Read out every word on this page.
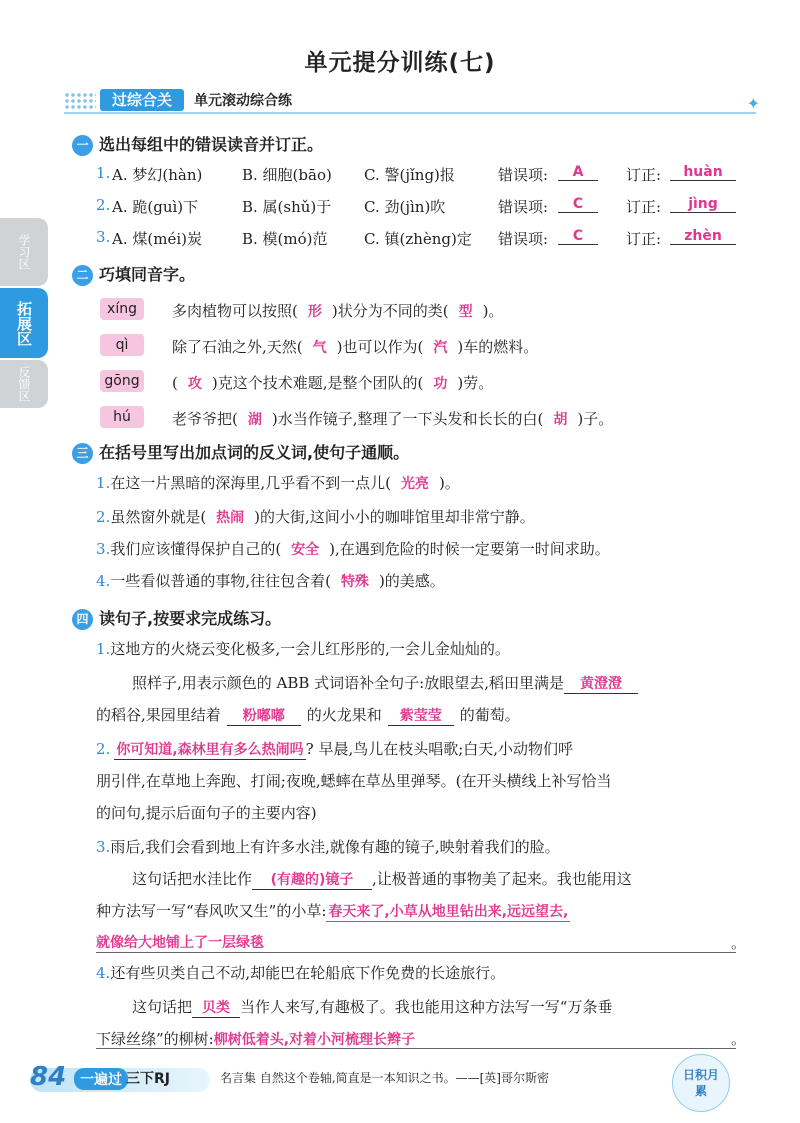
单元提分训练(七)
过综合关	单元滚动综合练	✦
学习区
拓展区
反馈区
一 选出每组中的错误读音并订正。
1. A. 梦幻(hàn)	B. 细胞(bāo) C. 警(jǐng)报	错误项:	A	订正:	huàn
2. A. 跪(guì)下	B. 属(shǔ)于 C. 劲(jìn)吹	错误项:	C	订正:	jìng
3. A. 煤(méi)炭	B. 模(mó)范 C. 镇(zhèng)定 错误项:	C	订正:	zhèn
二 巧填同音字。
xíng	多肉植物可以按照( 形 )状分为不同的类( 型 )。
qì	除了石油之外,天然( 气 )也可以作为( 汽 )车的燃料。
gōng ( 攻 )克这个技术难题,是整个团队的( 功 )劳。
hú	老爷爷把( 湖 )水当作镜子,整理了一下头发和长长的白( 胡 )子。
三 在括号里写出加点词的反义词,使句子通顺。
1.在这一片黑暗的深海里,几乎看不到一点儿( 光亮 )。
2.虽然窗外就是( 热闹 )的大街,这间小小的咖啡馆里却非常宁静。
3.我们应该懂得保护自己的( 安全 ),在遇到危险的时候一定要第一时间求助。
4.一些看似普通的事物,往往包含着( 特殊 )的美感。
四 读句子,按要求完成练习。
1.这地方的火烧云变化极多,一会儿红彤彤的,一会儿金灿灿的。
照样子,用表示颜色的 ABB 式词语补全句子:放眼望去,稻田里满是 黄澄澄
的稻谷,果园里结着 粉嘟嘟 的火龙果和 紫莹莹 的葡萄。
2. 你可知道,森林里有多么热闹吗 ? 早晨,鸟儿在枝头唱歌;白天,小动物们呼
朋引伴,在草地上奔跑、打闹;夜晚,蟋蟀在草丛里弹琴。(在开头横线上补写恰当
的问句,提示后面句子的主要内容)
3.雨后,我们会看到地上有许多水洼,就像有趣的镜子,映射着我们的脸。
这句话把水洼比作 (有趣的)镜子 ,让极普通的事物美了起来。我也能用这
种方法写一写“春风吹又生”的小草: 春天来了,小草从地里钻出来,远远望去,
就像给大地铺上了一层绿毯	。
4.还有些贝类自己不动,却能巴在轮船底下作免费的长途旅行。
这句话把 贝类 当作人来写,有趣极了。我也能用这种方法写一写“万条垂
下绿丝绦”的柳树:柳树低着头,对着小河梳理长辫子	。
84 一遍过 三下RJ	名言集 自然这个卷轴,简直是一本知识之书。——[英]哥尔斯密	日积月累
